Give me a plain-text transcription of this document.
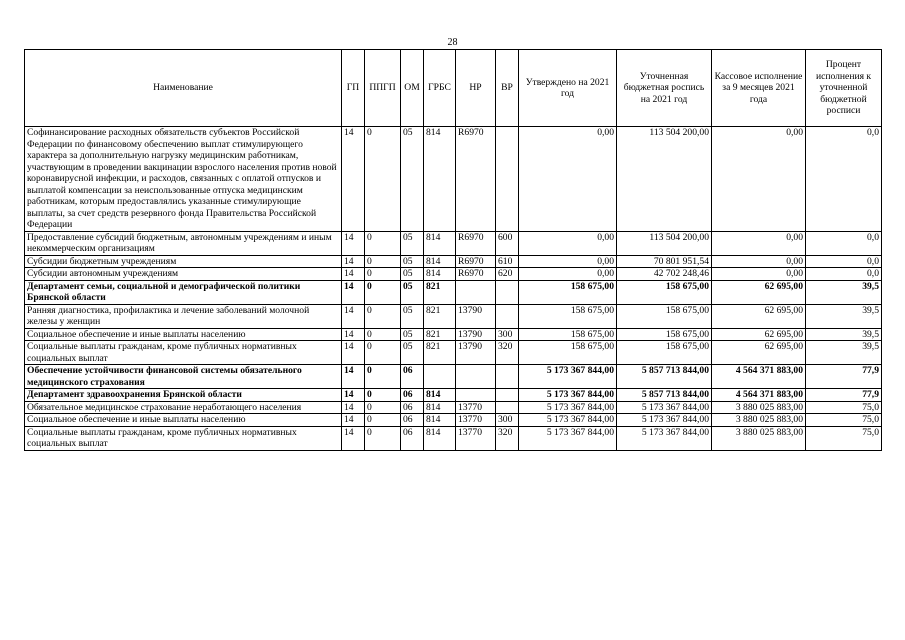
28
Наименование	ГП	ППГП	ОМ	ГРБС	НР	ВР	Утверждено на 2021 год	Уточненная бюджетная роспись на 2021 год	Кассовое исполнение за 9 месяцев 2021 года	Процент исполнения к уточненной бюджетной росписи
Софинансирование расходных обязательств субъектов Российской Федерации по финансовому обеспечению выплат стимулирующего характера за дополнительную нагрузку медицинским работникам, участвующим в проведении вакцинации взрослого населения против новой коронавирусной инфекции, и расходов, связанных с оплатой отпусков и выплатой компенсации за неиспользованные отпуска медицинским работникам, которым предоставлялись указанные стимулирующие выплаты, за счет средств резервного фонда Правительства Российской Федерации	14	0	05	814	R6970		0,00	113 504 200,00	0,00	0,0
Предоставление субсидий бюджетным, автономным учреждениям и иным некоммерческим организациям	14	0	05	814	R6970	600	0,00	113 504 200,00	0,00	0,0
Субсидии бюджетным учреждениям	14	0	05	814	R6970	610	0,00	70 801 951,54	0,00	0,0
Субсидии автономным учреждениям	14	0	05	814	R6970	620	0,00	42 702 248,46	0,00	0,0
Департамент семьи, социальной и демографической политики Брянской области	14	0	05	821			158 675,00	158 675,00	62 695,00	39,5
Ранняя диагностика, профилактика и лечение заболеваний молочной железы у женщин	14	0	05	821	13790		158 675,00	158 675,00	62 695,00	39,5
Социальное обеспечение и иные выплаты населению	14	0	05	821	13790	300	158 675,00	158 675,00	62 695,00	39,5
Социальные выплаты гражданам, кроме публичных нормативных социальных выплат	14	0	05	821	13790	320	158 675,00	158 675,00	62 695,00	39,5
Обеспечение устойчивости финансовой системы обязательного медицинского страхования	14	0	06				5 173 367 844,00	5 857 713 844,00	4 564 371 883,00	77,9
Департамент здравоохранения Брянской области	14	0	06	814			5 173 367 844,00	5 857 713 844,00	4 564 371 883,00	77,9
Обязательное медицинское страхование неработающего населения	14	0	06	814	13770		5 173 367 844,00	5 173 367 844,00	3 880 025 883,00	75,0
Социальное обеспечение и иные выплаты населению	14	0	06	814	13770	300	5 173 367 844,00	5 173 367 844,00	3 880 025 883,00	75,0
Социальные выплаты гражданам, кроме публичных нормативных социальных выплат	14	0	06	814	13770	320	5 173 367 844,00	5 173 367 844,00	3 880 025 883,00	75,0
